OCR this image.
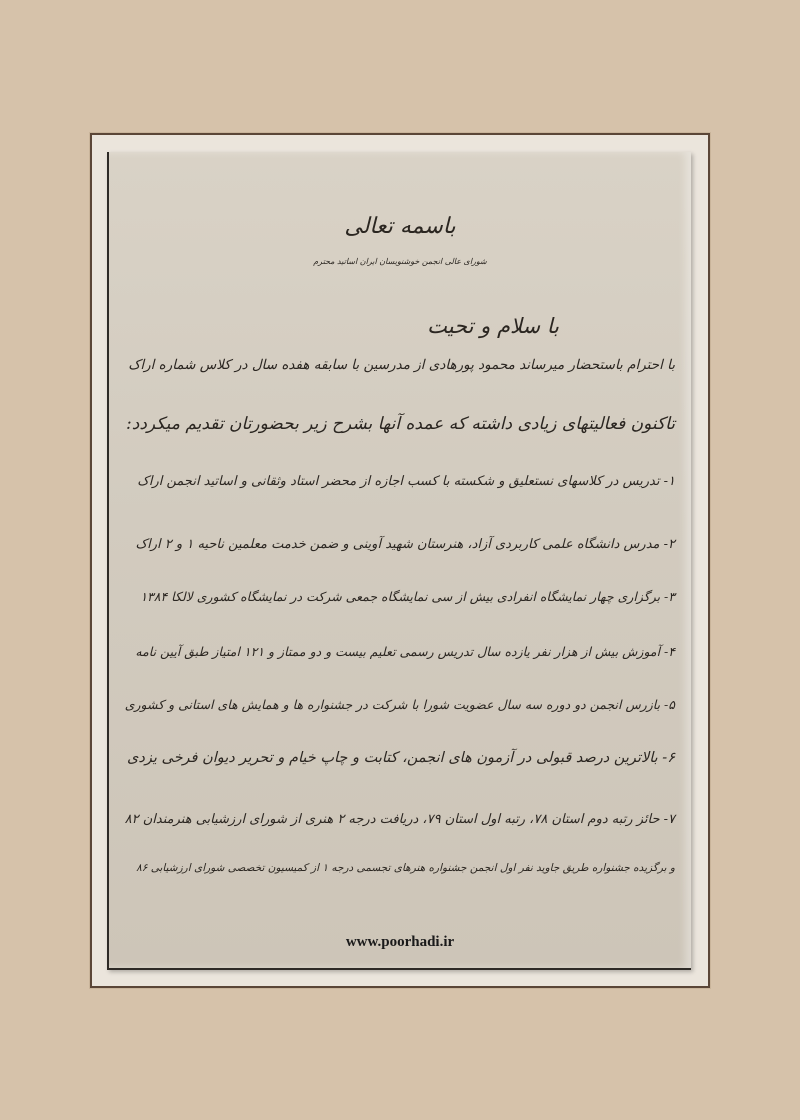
باسمه تعالی
شورای عالی انجمن خوشنویسان ایران اساتید محترم
با سلام و تحیت
با احترام باستحضار میرساند محمود پورهادی از مدرسین با سابقه هفده سال در کلاس شماره اراک
تاکنون فعالیتهای زیادی داشته که عمده آنها بشرح زیر بحضورتان تقدیم میکردد:
۱- تدریس در کلاسهای نستعلیق و شکسته با کسب اجازه از محضر استاد وثقانی و اساتید انجمن اراک
۲- مدرس دانشگاه علمی کاربردی آزاد، هنرستان شهید آوینی و ضمن خدمت معلمین ناحیه ۱ و ۲ اراک
۳- برگزاری چهار نمایشگاه انفرادی بیش از سی نمایشگاه جمعی شرکت در نمایشگاه کشوری لالکا ۱۳۸۴
۴- آموزش بیش از هزار نفر یازده سال تدریس رسمی تعلیم بیست و دو ممتاز و ۱۲۱ امتیاز طبق آیین نامه
۵- بازرس انجمن دو دوره سه سال عضویت شورا با شرکت در جشنواره ها و همایش های استانی و کشوری
۶- بالاترین درصد قبولی در آزمون های انجمن، کتابت و چاپ خیام و تحریر دیوان فرخی یزدی
۷- حائز رتبه دوم استان ۷۸، رتبه اول استان ۷۹، دریافت درجه ۲ هنری از شورای ارزشیابی هنرمندان ۸۲
و برگزیده جشنواره طریق جاوید نفر اول انجمن جشنواره هنرهای تجسمی درجه ۱ از کمیسیون تخصصی شورای ارزشیابی ۸۶
www.poorhadi.ir
